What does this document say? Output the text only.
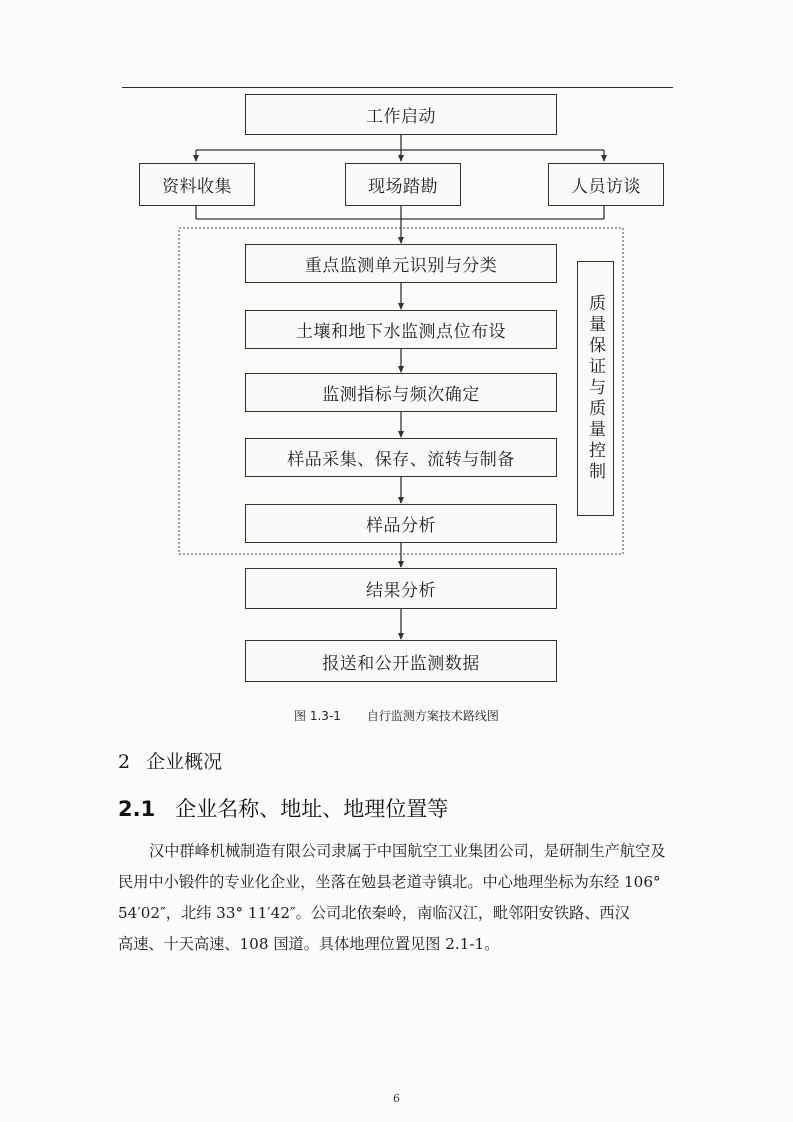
工作启动
资料收集	现场踏勘	人员访谈
重点监测单元识别与分类
土壤和地下水监测点位布设
监测指标与频次确定
样品采集、保存、流转与制备
样品分析
质量保证与质量控制
结果分析
报送和公开监测数据
图 1.3-1 自行监测方案技术路线图
2 企业概况
2.1 企业名称、地址、地理位置等
汉中群峰机械制造有限公司隶属于中国航空工业集团公司，是研制生产航空及
民用中小锻件的专业化企业，坐落在勉县老道寺镇北。中心地理坐标为东经 106°
54′02″，北纬 33° 11′42″。公司北依秦岭，南临汉江，毗邻阳安铁路、西汉
高速、十天高速、108 国道。具体地理位置见图 2.1-1。
6
